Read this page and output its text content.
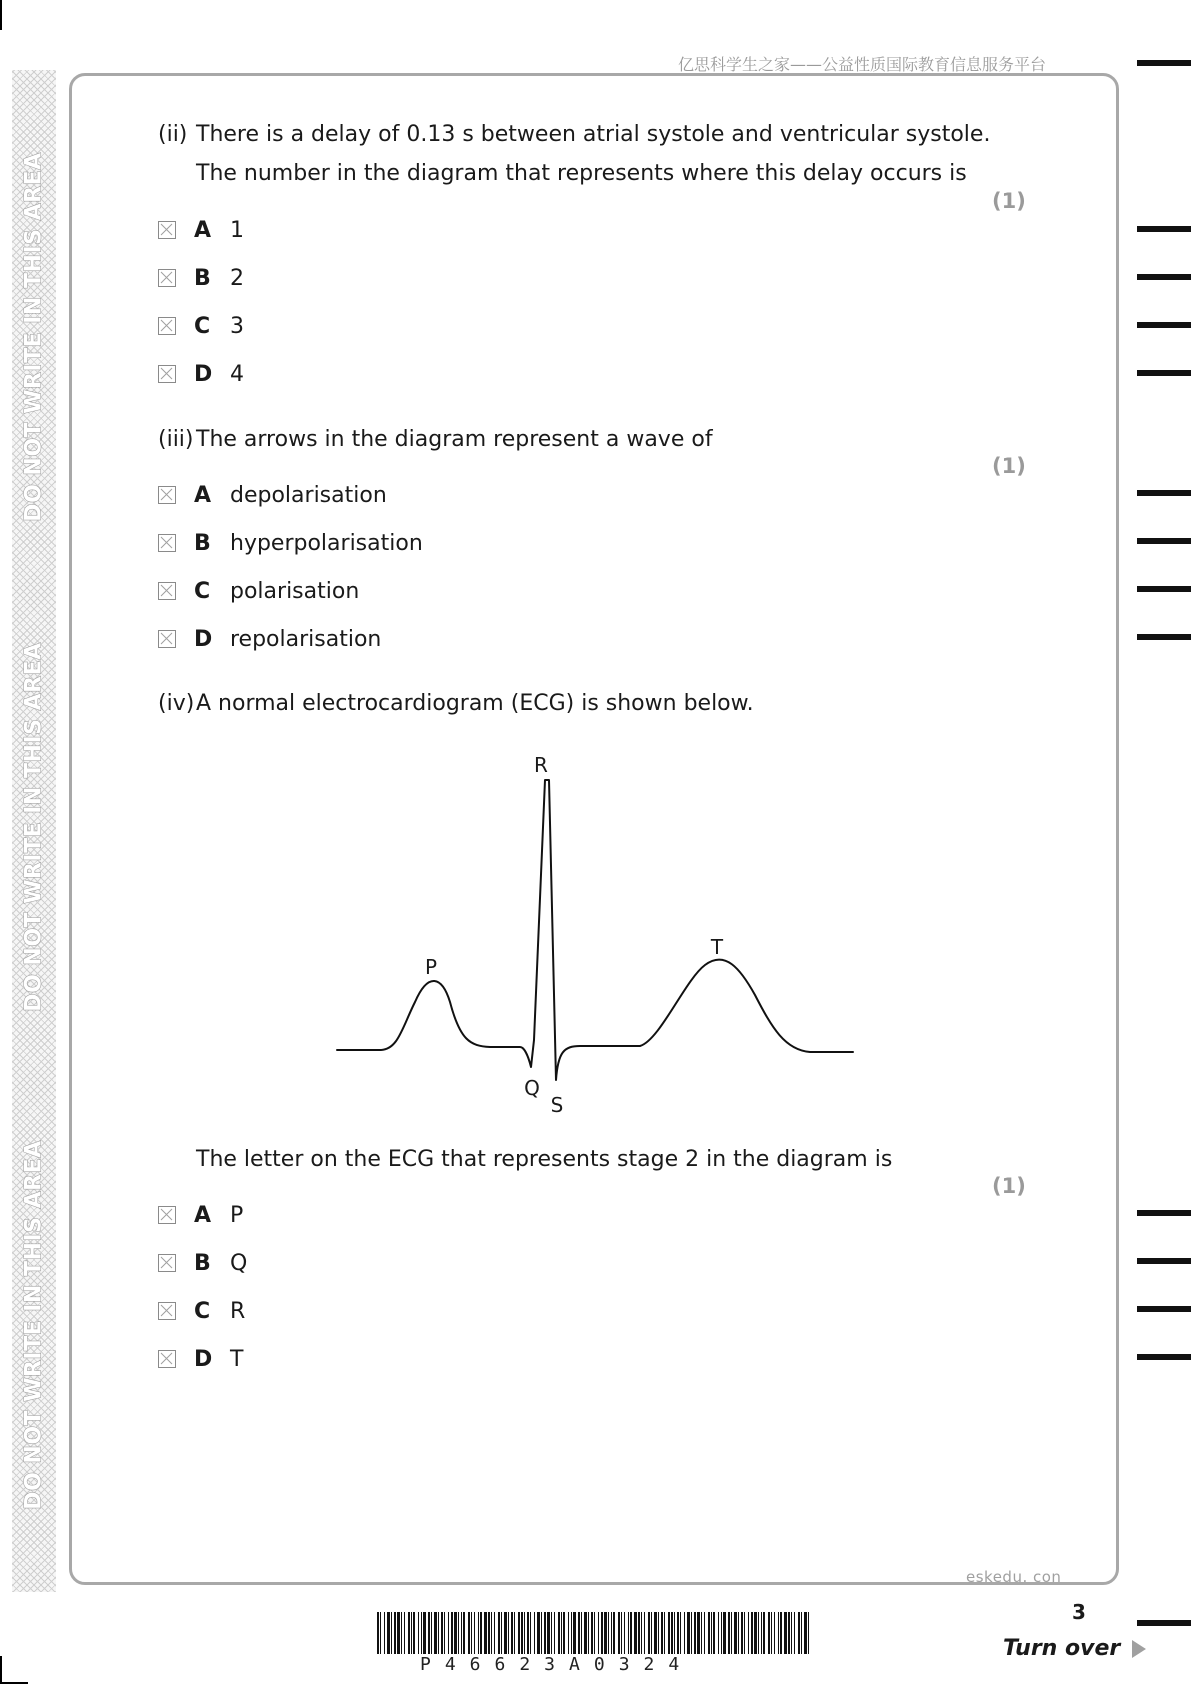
DO NOT WRITE IN THIS AREA
DO NOT WRITE IN THIS AREA
DO NOT WRITE IN THIS AREA
亿思科学生之家——公益性质国际教育信息服务平台
(ii) There is a delay of 0.13 s between atrial systole and ventricular systole.
The number in the diagram that represents where this delay occurs is
(1)
A 1
B 2
C 3
D 4
(iii) The arrows in the diagram represent a wave of
(1)
A depolarisation
B hyperpolarisation
C polarisation
D repolarisation
(iv)A normal electrocardiogram (ECG) is shown below.
R
P
T
Q
S
The letter on the ECG that represents stage 2 in the diagram is
(1)
A P
B Q
C R
D T
eskedu. con
3
Turn over
P46623A0324
